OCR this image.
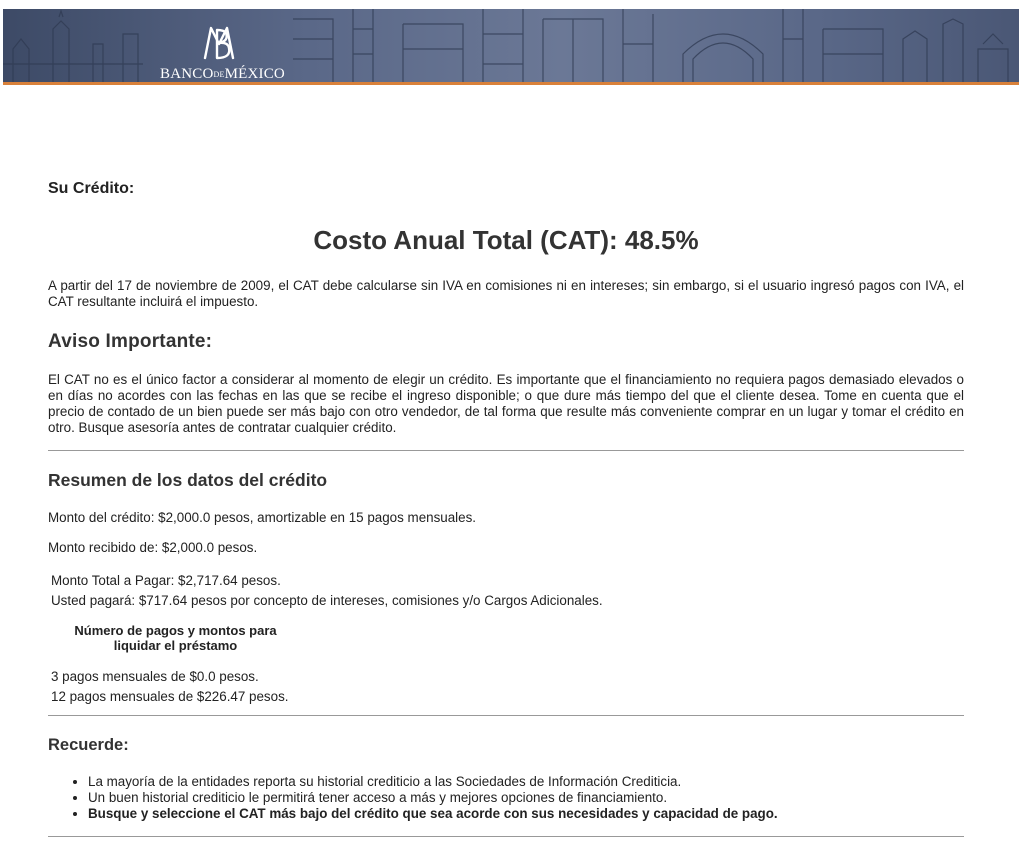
BANCODEMÉXICO
Su Crédito:
Costo Anual Total (CAT): 48.5%

A partir del 17 de noviembre de 2009, el CAT debe calcularse sin IVA en comisiones ni en intereses; sin embargo, si el usuario ingresó pagos con IVA, el CAT resultante incluirá el impuesto.

Aviso Importante:

El CAT no es el único factor a considerar al momento de elegir un crédito. Es importante que el financiamiento no requiera pagos demasiado elevados o en días no acordes con las fechas en las que se recibe el ingreso disponible; o que dure más tiempo del que el cliente desea. Tome en cuenta que el precio de contado de un bien puede ser más bajo con otro vendedor, de tal forma que resulte más conveniente comprar en un lugar y tomar el crédito en otro. Busque asesoría antes de contratar cualquier crédito.

Resumen de los datos del crédito

Monto del crédito: $2,000.0 pesos, amortizable en 15 pagos mensuales.

Monto recibido de: $2,000.0 pesos.

Monto Total a Pagar: $2,717.64 pesos.

Usted pagará: $717.64 pesos por concepto de intereses, comisiones y/o Cargos Adicionales.

Número de pagos y montos para liquidar el préstamo

3 pagos mensuales de $0.0 pesos.

12 pagos mensuales de $226.47 pesos.

Recuerde:
• La mayoría de la entidades reporta su historial crediticio a las Sociedades de Información Crediticia.
• Un buen historial crediticio le permitirá tener acceso a más y mejores opciones de financiamiento.
• Busque y seleccione el CAT más bajo del crédito que sea acorde con sus necesidades y capacidad de pago.
